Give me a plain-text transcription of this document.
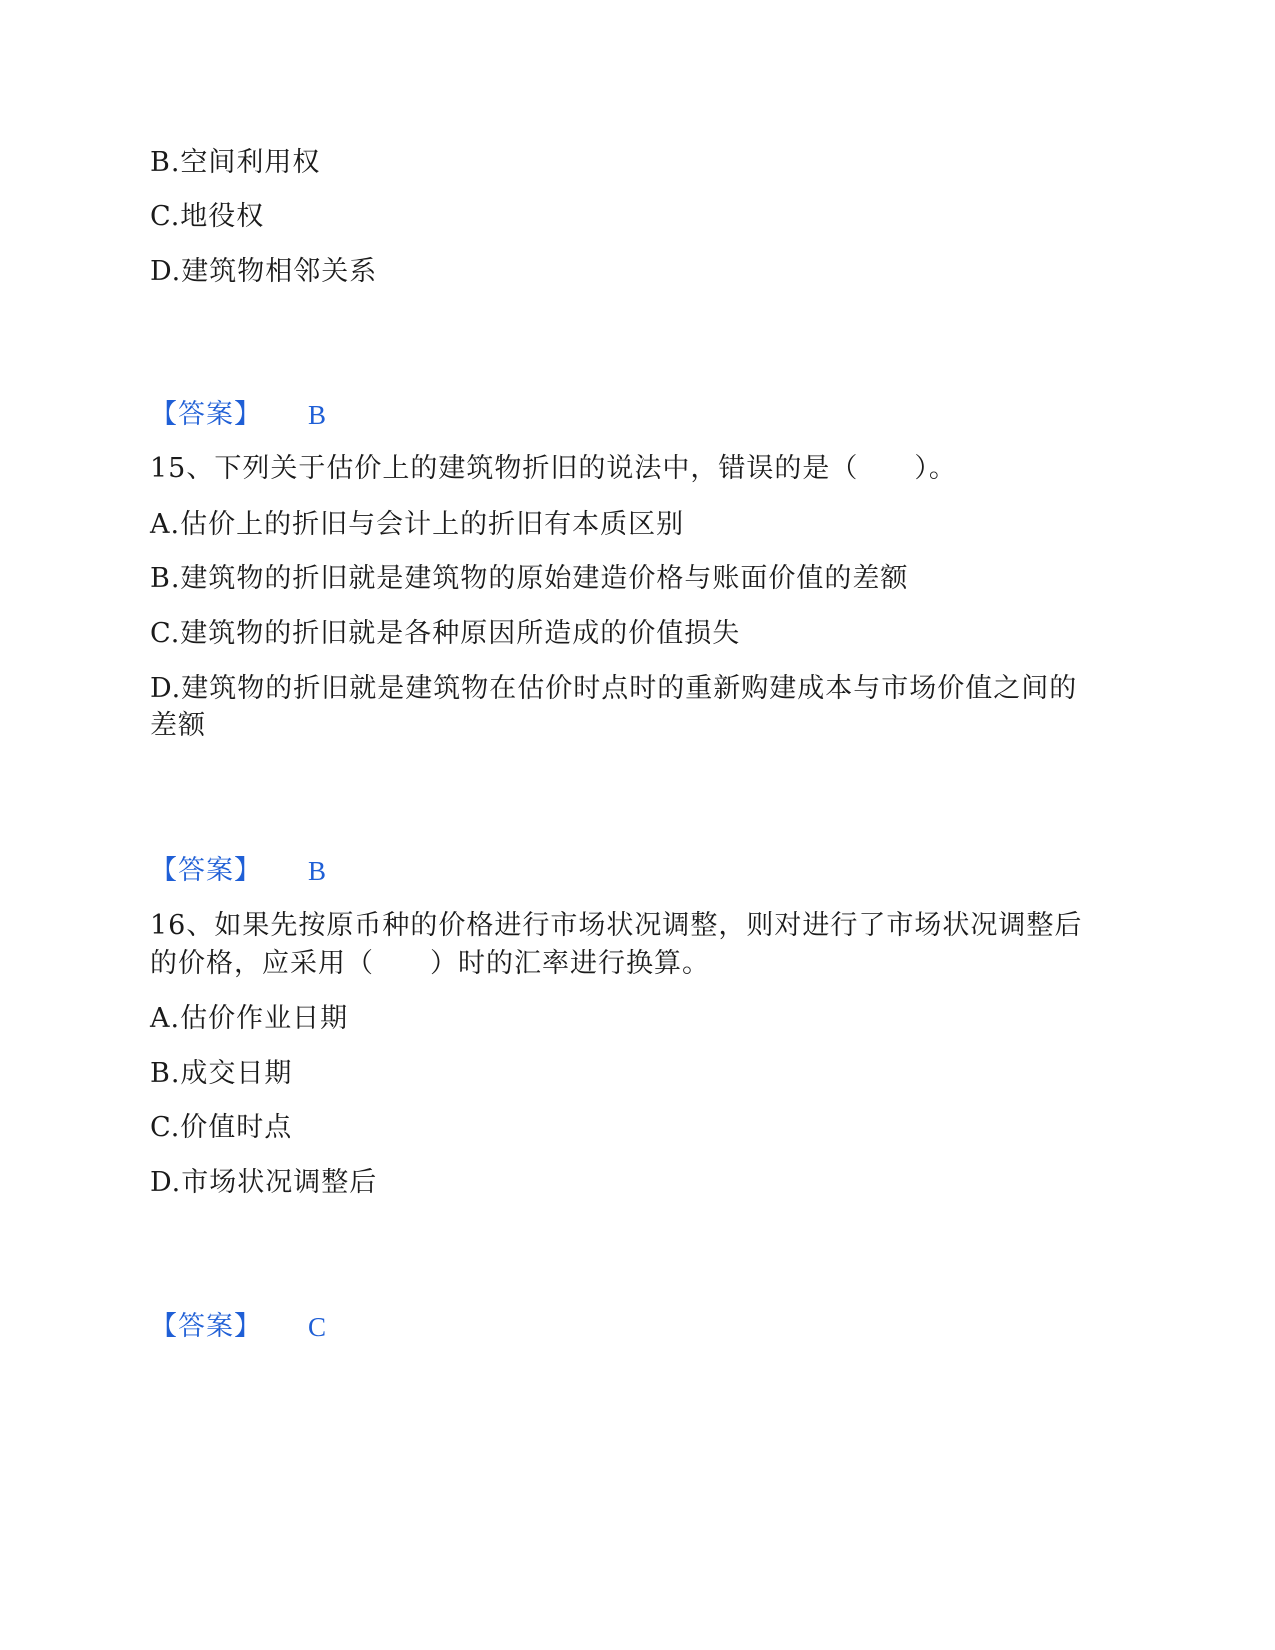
B.空间利用权
C.地役权
D.建筑物相邻关系
【答案】 B
15、下列关于估价上的建筑物折旧的说法中，错误的是（　　）。
A.估价上的折旧与会计上的折旧有本质区别
B.建筑物的折旧就是建筑物的原始建造价格与账面价值的差额
C.建筑物的折旧就是各种原因所造成的价值损失
D.建筑物的折旧就是建筑物在估价时点时的重新购建成本与市场价值之间的
差额
【答案】 B
16、如果先按原币种的价格进行市场状况调整，则对进行了市场状况调整后
的价格，应采用（　　）时的汇率进行换算。
A.估价作业日期
B.成交日期
C.价值时点
D.市场状况调整后
【答案】 C
